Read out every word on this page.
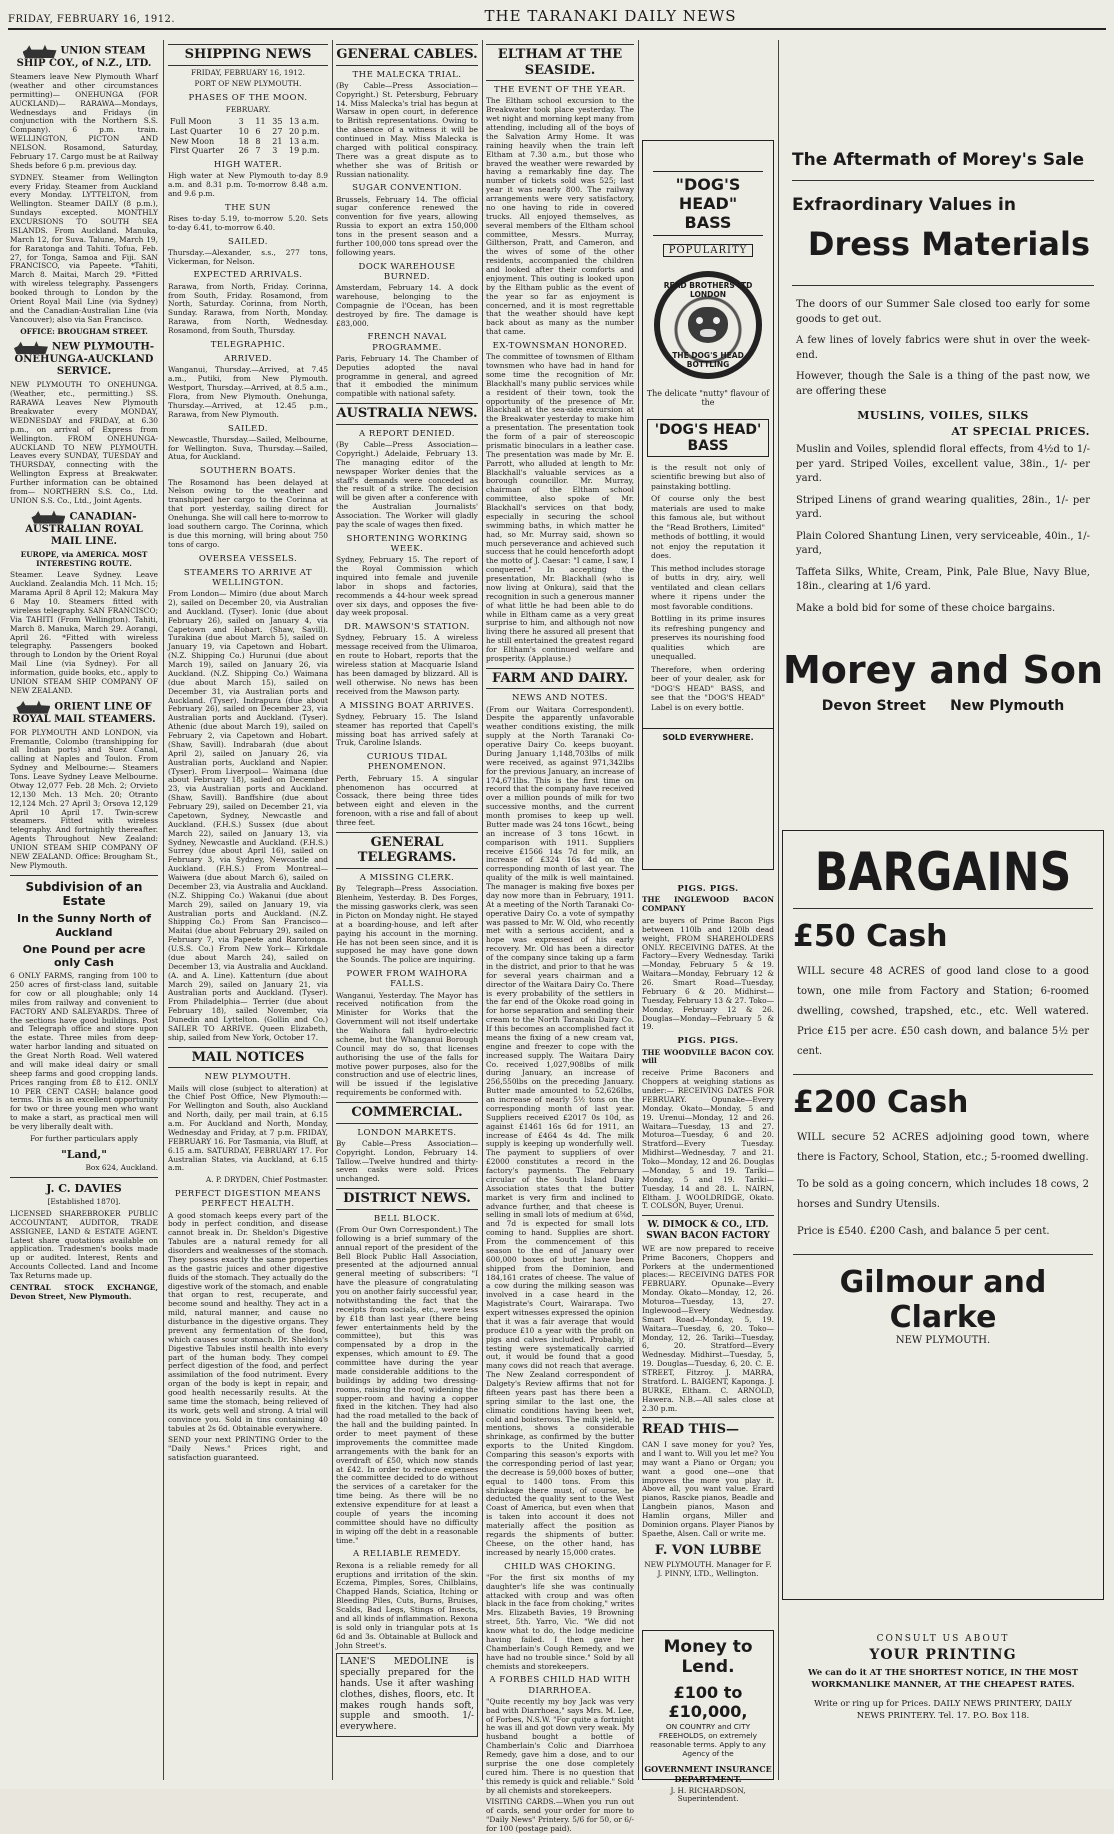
FRIDAY, FEBRUARY 16, 1912.	THE TARANAKI DAILY NEWS
UNION STEAM SHIP COY., of N.Z., LTD.

Steamers leave New Plymouth Wharf (weather and other circumstances permitting)— ONEHUNGA (FOR AUCKLAND)— RARAWA—Mondays, Wednesdays and Fridays (in conjunction with the Northern S.S. Company). 6 p.m. train. WELLINGTON, PICTON AND NELSON. Rosamond, Saturday, February 17. Cargo must be at Railway Sheds before 6 p.m. previous day.

SYDNEY. Steamer from Wellington every Friday. Steamer from Auckland every Monday. LYTTELTON, from Wellington. Steamer DAILY (8 p.m.), Sundays excepted. MONTHLY EXCURSIONS TO SOUTH SEA ISLANDS. From Auckland. Manuka, March 12, for Suva. Talune, March 19, for Raratonga and Tahiti. Tofua, Feb. 27, for Tonga, Samoa and Fiji. SAN FRANCISCO, via Papeete. *Tahiti, March 8. Maitai, March 29. *Fitted with wireless telegraphy. Passengers booked through to London by the Orient Royal Mail Line (via Sydney) and the Canadian-Australian Line (via Vancouver); also via San Francisco.

OFFICE: BROUGHAM STREET.

NEW PLYMOUTH-ONEHUNGA-AUCKLAND SERVICE.

NEW PLYMOUTH TO ONEHUNGA. (Weather, etc., permitting.) SS. RARAWA Leaves New Plymouth Breakwater every MONDAY, WEDNESDAY and FRIDAY, at 6.30 p.m., on arrival of Express from Wellington. FROM ONEHUNGA-AUCKLAND TO NEW PLYMOUTH. Leaves every SUNDAY, TUESDAY and THURSDAY, connecting with the Wellington Express at Breakwater. Further information can be obtained from— NORTHERN S.S. Co., Ltd. UNION S.S. Co., Ltd., Joint Agents.

CANADIAN-AUSTRALIAN ROYAL MAIL LINE.

EUROPE, via AMERICA. MOST INTERESTING ROUTE.

Steamer. Leave Sydney. Leave Auckland. Zealandia Mch. 11 Mch. 15; Marama April 8 April 12; Makura May 6 May 10. Steamers fitted with wireless telegraphy. SAN FRANCISCO; Via TAHITI (From Wellington). Tahiti, March 8. Manuka, March 29. Aorangi, April 26. *Fitted with wireless telegraphy. Passengers booked through to London by the Orient Royal Mail Line (via Sydney). For all information, guide books, etc., apply to UNION STEAM SHIP COMPANY OF NEW ZEALAND.

ORIENT LINE OF ROYAL MAIL STEAMERS.

FOR PLYMOUTH AND LONDON, via Fremantle, Colombo (transhipping for all Indian ports) and Suez Canal, calling at Naples and Toulon. From Sydney and Melbourne:— Steamers Tons. Leave Sydney Leave Melbourne. Otway 12,077 Feb. 28 Mch. 2; Orvieto 12,130 Mch. 13 Mch. 20; Otranto 12,124 Mch. 27 April 3; Orsova 12,129 April 10 April 17. Twin-screw steamers. Fitted with wireless telegraphy. And fortnightly thereafter. Agents Throughout New Zealand: UNION STEAM SHIP COMPANY OF NEW ZEALAND. Office: Brougham St., New Plymouth.

Subdivision of an Estate
In the Sunny North of Auckland
One Pound per acre only Cash

6 ONLY FARMS, ranging from 100 to 250 acres of first-class land, suitable for cow or all ploughable; only 14 miles from railway and convenient to FACTORY AND SALEYARDS. Three of the sections have good buildings. Post and Telegraph office and store upon the estate. Three miles from deep-water harbor landing and situated on the Great North Road. Well watered and will make ideal dairy or small sheep farms and good cropping lands. Prices ranging from £8 to £12. ONLY 10 PER CENT CASH; balance good terms. This is an excellent opportunity for two or three young men who want to make a start, as practical men will be very liberally dealt with.

For further particulars apply

"Land,"

Box 624, Auckland.

J. C. DAVIES

[Established 1870].

LICENSED SHAREBROKER PUBLIC ACCOUNTANT, AUDITOR, TRADE ASSIGNEE, LAND & ESTATE AGENT. Latest share quotations available on application. Tradesmen's books made up or audited. Interest, Rents and Accounts Collected. Land and Income Tax Returns made up.

CENTRAL STOCK EXCHANGE, Devon Street, New Plymouth.

SHIPPING NEWS

FRIDAY, FEBRUARY 16, 1912.

PORT OF NEW PLYMOUTH.

PHASES OF THE MOON.

FEBRUARY.

Full Moon	3	11	35	13 a.m.
Last Quarter	10	6	27	20 p.m.
New Moon	18	8	21	13 a.m.
First Quarter	26	7	3	19 p.m.
HIGH WATER.

High water at New Plymouth to-day 8.9 a.m. and 8.31 p.m. To-morrow 8.48 a.m. and 9.6 p.m.

THE SUN

Rises to-day 5.19, to-morrow 5.20. Sets to-day 6.41, to-morrow 6.40.

SAILED.

Thursday.—Alexander, s.s., 277 tons, Vickerman, for Nelson.

EXPECTED ARRIVALS.

Rarawa, from North, Friday. Corinna, from South, Friday. Rosamond, from North, Saturday. Corinna, from North, Sunday. Rarawa, from North, Monday. Rarawa, from North, Wednesday. Rosamond, from South, Thursday.

TELEGRAPHIC.
ARRIVED.

Wanganui, Thursday.—Arrived, at 7.45 a.m., Putiki, from New Plymouth. Westport, Thursday.—Arrived, at 8.5 a.m., Flora, from New Plymouth. Onehunga, Thursday.—Arrived, at 12.45 p.m., Rarawa, from New Plymouth.

SAILED.

Newcastle, Thursday.—Sailed, Melbourne, for Wellington. Suva, Thursday.—Sailed, Atua, for Auckland.

SOUTHERN BOATS.

The Rosamond has been delayed at Nelson owing to the weather and transhipped her cargo to the Corinna at that port yesterday, sailing direct for Onehunga. She will call here to-morrow to load southern cargo. The Corinna, which is due this morning, will bring about 750 tons of cargo.

OVERSEA VESSELS.
STEAMERS TO ARRIVE AT WELLINGTON.

From London— Mimiro (due about March 2), sailed on December 20, via Australian and Auckland. (Tyser). Ionic (due about February 26), sailed on January 4, via Capetown and Hobart. (Shaw, Savill). Turakina (due about March 5), sailed on January 19, via Capetown and Hobart. (N.Z. Shipping Co.) Hurunui (due about March 19), sailed on January 26, via Auckland. (N.Z. Shipping Co.) Waimana (due about March 15), sailed on December 31, via Australian ports and Auckland. (Tyser). Indrapura (due about February 26), sailed on December 23, via Australian ports and Auckland. (Tyser). Athenic (due about March 19), sailed on February 2, via Capetown and Hobart. (Shaw, Savill). Indrabarah (due about April 2), sailed on January 26, via Australian ports, Auckland and Napier. (Tyser). From Liverpool— Waimana (due about February 18), sailed on December 23, via Australian ports and Auckland. (Shaw, Savill). Banffshire (due about February 29), sailed on December 21, via Capetown, Sydney, Newcastle and Auckland. (F.H.S.) Sussex (due about March 22), sailed on January 13, via Sydney, Newcastle and Auckland. (F.H.S.) Surrey (due about April 16), sailed on February 3, via Sydney, Newcastle and Auckland. (F.H.S.) From Montreal— Waiwera (due about March 6), sailed on December 23, via Australia and Auckland. (N.Z. Shipping Co.) Wakanui (due about March 29), sailed on January 19, via Australian ports and Auckland. (N.Z. Shipping Co.) From San Francisco— Maitai (due about February 29), sailed on February 7, via Papeete and Rarotonga. (U.S.S. Co.) From New York— Kirkdale (due about March 24), sailed on December 13, via Australia and Auckland. (A. and A. Line). Kattenturn (due about March 29), sailed on January 21, via Australian ports and Auckland. (Tyser). From Philadelphia— Terrier (due about February 18), sailed November, via Dunedin and Lyttelton. (Gollin and Co.) SAILER TO ARRIVE. Queen Elizabeth, ship, sailed from New York, October 17.

MAIL NOTICES
NEW PLYMOUTH.

Mails will close (subject to alteration) at the Chief Post Office, New Plymouth:— For Wellington and South, also Auckland and North, daily, per mail train, at 6.15 a.m. For Auckland and North, Monday, Wednesday and Friday, at 7 p.m. FRIDAY, FEBRUARY 16. For Tasmania, via Bluff, at 6.15 a.m. SATURDAY, FEBRUARY 17. For Australian States, via Auckland, at 6.15 a.m.

A. P. DRYDEN, Chief Postmaster.

PERFECT DIGESTION MEANS PERFECT HEALTH.

A good stomach keeps every part of the body in perfect condition, and disease cannot break in. Dr. Sheldon's Digestive Tabules are a natural remedy for all disorders and weaknesses of the stomach. They possess exactly the same properties as the gastric juices and other digestive fluids of the stomach. They actually do the digestive work of the stomach, and enable that organ to rest, recuperate, and become sound and healthy. They act in a mild, natural manner, and cause no disturbance in the digestive organs. They prevent any fermentation of the food, which causes sour stomach. Dr. Sheldon's Digestive Tabules instil health into every part of the human body. They compel perfect digestion of the food, and perfect assimilation of the food nutriment. Every organ of the body is kept in repair, and good health necessarily results. At the same time the stomach, being relieved of its work, gets well and strong. A trial will convince you. Sold in tins containing 40 tabules at 2s 6d. Obtainable everywhere.

SEND your next PRINTING Order to the "Daily News." Prices right, and satisfaction guaranteed.

GENERAL CABLES.
THE MALECKA TRIAL.

(By Cable—Press Association—Copyright.) St. Petersburg, February 14. Miss Malecka's trial has begun at Warsaw in open court, in deference to British representations. Owing to the absence of a witness it will be continued in May. Miss Malecka is charged with political conspiracy. There was a great dispute as to whether she was of British or Russian nationality.

SUGAR CONVENTION.

Brussels, February 14. The official sugar conference renewed the convention for five years, allowing Russia to export an extra 150,000 tons in the present season and a further 100,000 tons spread over the following years.

DOCK WAREHOUSE BURNED.

Amsterdam, February 14. A dock warehouse, belonging to the Compagnie de l'Ocean, has been destroyed by fire. The damage is £83,000.

FRENCH NAVAL PROGRAMME.

Paris, February 14. The Chamber of Deputies adopted the naval programme in general, and agreed that it embodied the minimum compatible with national safety.

AUSTRALIA NEWS.
A REPORT DENIED.

(By Cable—Press Association—Copyright.) Adelaide, February 13. The managing editor of the newspaper Worker denies that the staff's demands were conceded as the result of a strike. The decision will be given after a conference with the Australian Journalists' Association. The Worker will gladly pay the scale of wages then fixed.

SHORTENING WORKING WEEK.

Sydney, February 15. The report of the Royal Commission which inquired into female and juvenile labor in shops and factories, recommends a 44-hour week spread over six days, and opposes the five-day week proposal.

DR. MAWSON'S STATION.

Sydney, February 15. A wireless message received from the Ulimaroa, en route to Hobart, reports that the wireless station at Macquarie Island has been damaged by blizzard. All is well otherwise. No news has been received from the Mawson party.

A MISSING BOAT ARRIVES.

Sydney, February 15. The Island steamer has reported that Capell's missing boat has arrived safely at Truk, Caroline Islands.

CURIOUS TIDAL PHENOMENON.

Perth, February 15. A singular phenomenon has occurred at Cossack, there being three tides between eight and eleven in the forenoon, with a rise and fall of about three feet.

GENERAL TELEGRAMS.
A MISSING CLERK.

By Telegraph—Press Association. Blenheim, Yesterday. B. Des Forges, the missing gasworks clerk, was seen in Picton on Monday night. He stayed at a boarding-house, and left after paying his account in the morning. He has not been seen since, and it is supposed he may have gone down the Sounds. The police are inquiring.

POWER FROM WAIHORA FALLS.

Wanganui, Yesterday. The Mayor has received notification from the Minister for Works that the Government will not itself undertake the Waihora fall hydro-electric scheme, but the Whanganui Borough Council may do so, that licenses authorising the use of the falls for motive power purposes, also for the construction and use of electric lines, will be issued if the legislative requirements be conformed with.

COMMERCIAL.
LONDON MARKETS.

By Cable—Press Association—Copyright. London, February 14. Tallow.—Twelve hundred and thirty-seven casks were sold. Prices unchanged.

DISTRICT NEWS.
BELL BLOCK.

(From Our Own Correspondent.) The following is a brief summary of the annual report of the president of the Bell Block Public Hall Association, presented at the adjourned annual general meeting of subscribers: "I have the pleasure of congratulating you on another fairly successful year, notwithstanding the fact that the receipts from socials, etc., were less by £18 than last year (there being fewer entertainments held by the committee), but this was compensated by a drop in the expenses, which amount to £9. The committee have during the year made considerable additions to the buildings by adding two dressing-rooms, raising the roof, widening the supper-room and having a copper fixed in the kitchen. They had also had the road metalled to the back of the hall and the building painted. In order to meet payment of these improvements the committee made arrangements with the bank for an overdraft of £50, which now stands at £42. In order to reduce expenses the committee decided to do without the services of a caretaker for the time being. As there will be no extensive expenditure for at least a couple of years the incoming committee should have no difficulty in wiping off the debt in a reasonable time."

A RELIABLE REMEDY.

Rexona is a reliable remedy for all eruptions and irritation of the skin. Eczema, Pimples, Sores, Chilblains, Chapped Hands, Sciatica, Itching or Bleeding Piles, Cuts, Burns, Bruises, Scalds, Bad Legs, Stings of Insects, and all kinds of inflammation. Rexona is sold only in triangular pots at 1s 6d and 3s. Obtainable at Bullock and John Street's.

LANE'S MEDOLINE is specially prepared for the hands. Use it after washing clothes, dishes, floors, etc. It makes rough hands soft, supple and smooth. 1/- everywhere.

ELTHAM AT THE SEASIDE.
THE EVENT OF THE YEAR.

The Eltham school excursion to the Breakwater took place yesterday. The wet night and morning kept many from attending, including all of the boys of the Salvation Army Home. It was raining heavily when the train left Eltham at 7.30 a.m., but those who braved the weather were rewarded by having a remarkably fine day. The number of tickets sold was 525; last year it was nearly 800. The railway arrangements were very satisfactory, no one having to ride in covered trucks. All enjoyed themselves, as several members of the Eltham school committee, Messrs. Murray, Giltherson, Pratt, and Cameron, and the wives of some of the other residents, accompanied the children and looked after their comforts and enjoyment. This outing is looked upon by the Eltham public as the event of the year so far as enjoyment is concerned, and it is most regrettable that the weather should have kept back about as many as the number that came.

EX-TOWNSMAN HONORED.

The committee of townsmen of Eltham townsmen who have had in hand for some time the recognition of Mr. Blackhall's many public services while a resident of their town, took the opportunity of the presence of Mr. Blackhall at the sea-side excursion at the Breakwater yesterday to make him a presentation. The presentation took the form of a pair of stereoscopic prismatic binoculars in a leather case. The presentation was made by Mr. E. Parrott, who alluded at length to Mr. Blackhall's valuable services as a borough councillor. Mr. Murray, chairman of the Eltham school committee, also spoke of Mr. Blackhall's services on that body, especially in securing the school swimming baths, in which matter he had, so Mr. Murray said, shown so much perseverance and achieved such success that he could henceforth adopt the motto of J. Caesar: "I came, I saw, I conquered." In accepting the presentation, Mr. Blackhall (who is now living at Onkura), said that the recognition in such a generous manner of what little he had been able to do while in Eltham came as a very great surprise to him, and although not now living there he assured all present that he still entertained the greatest regard for Eltham's continued welfare and prosperity. (Applause.)

FARM AND DAIRY.
NEWS AND NOTES.

(From our Waitara Correspondent). Despite the apparently unfavorable weather conditions existing, the milk supply at the North Taranaki Co-operative Dairy Co. keeps buoyant. During January 1,148,703lbs of milk were received, as against 971,342lbs for the previous January, an increase of 174,671lbs. This is the first time on record that the company have received over a million pounds of milk for two successive months, and the current month promises to keep up well. Butter made was 24 tons 16cwt., being an increase of 3 tons 16cwt. in comparison with 1911. Suppliers receive £1566 14s 7d for milk, an increase of £324 16s 4d on the corresponding month of last year. The quality of the milk is well maintained. The manager is making five boxes per day now more than in February, 1911. At a meeting of the North Taranaki Co-operative Dairy Co. a vote of sympathy was passed to Mr. W. Old, who recently met with a serious accident, and a hope was expressed of his early recovery. Mr. Old has been a director of the company since taking up a farm in the district, and prior to that he was for several years chairman and a director of the Waitara Dairy Co. There is every probability of the settlers in the far end of the Okoke road going in for horse separation and sending their cream to the North Taranaki Dairy Co. If this becomes an accomplished fact it means the fixing of a new cream vat, engine and freezer to cope with the increased supply. The Waitara Dairy Co. received 1,027,908lbs of milk during January, an increase of 256,550lbs on the preceding January. Butter made amounted to 52,626lbs, an increase of nearly 5½ tons on the corresponding month of last year. Suppliers received £2017 0s 10d, as against £1461 16s 6d for 1911, an increase of £464 4s 4d. The milk supply is keeping up wonderfully well. The payment to suppliers of over £2000 constitutes a record in the factory's payments. The February circular of the South Island Dairy Association states that the butter market is very firm and inclined to advance further, and that cheese is selling in small lots of medium at 6⅝d, and 7d is expected for small lots coming to hand. Supplies are short. From the commencement of this season to the end of January over 600,000 boxes of butter have been shipped from the Dominion, and 184,161 crates of cheese. The value of a cow during the milking season was involved in a case heard in the Magistrate's Court, Wairarapa. Two expert witnesses expressed the opinion that it was a fair average that would produce £10 a year with the profit on pigs and calves included. Probably, if testing were systematically carried out, it would be found that a good many cows did not reach that average. The New Zealand correspondent of Dalgety's Review affirms that not for fifteen years past has there been a spring similar to the last one, the climatic conditions having been wet, cold and boisterous. The milk yield, he mentions, shows a considerable shrinkage, as confirmed by the butter exports to the United Kingdom. Comparing this season's exports with the corresponding period of last year, the decrease is 59,000 boxes of butter, equal to 1400 tons. From this shrinkage there must, of course, be deducted the quality sent to the West Coast of America, but even when that is taken into account it does not materially affect the position as regards the shipments of butter. Cheese, on the other hand, has increased by nearly 15,000 crates.

CHILD WAS CHOKING.

"For the first six months of my daughter's life she was continually attacked with croup and was often black in the face from choking," writes Mrs. Elizabeth Bavies, 19 Browning street, 5th. Yarro, Vic. "We did not know what to do, the lodge medicine having failed. I then gave her Chamberlain's Cough Remedy, and we have had no trouble since." Sold by all chemists and storekeepers.

A FORBES CHILD HAD WITH DIARRHOEA.

"Quite recently my boy Jack was very bad with Diarrhoea," says Mrs. M. Lee, of Forbes, N.S.W. "For quite a fortnight he was ill and got down very weak. My husband bought a bottle of Chamberlain's Colic and Diarrhoea Remedy, gave him a dose, and to our surprise the one dose completely cured him. There is no question that this remedy is quick and reliable." Sold by all chemists and storekeepers.

VISITING CARDS.—When you run out of cards, send your order for more to "Daily News" Printery. 5/6 for 50, or 6/- for 100 (postage paid).

"DOG'S HEAD"
BASS
POPULARITY
READ BROTHERS LTD LONDON
THE DOG'S HEAD BOTTLING

The delicate "nutty" flavour of the

'DOG'S HEAD' BASS

is the result not only of scientific brewing but also of painstaking bottling.

Of course only the best materials are used to make this famous ale, but without the "Read Brothers, Limited" methods of bottling, it would not enjoy the reputation it does.

This method includes storage of butts in dry, airy, well ventilated and clean cellars where it ripens under the most favorable conditions.

Bottling in its prime insures its refreshing pungency and preserves its nourishing food qualities which are unequalled.

Therefore, when ordering beer of your dealer, ask for "DOG'S HEAD" BASS, and see that the "DOG'S HEAD" Label is on every bottle.

SOLD EVERYWHERE.
PIGS. PIGS.

THE INGLEWOOD BACON COMPANY

are buyers of Prime Bacon Pigs between 110lb and 120lb dead weight, FROM SHAREHOLDERS ONLY. RECEIVING DATES. At the Factory—Every Wednesday. Tariki—Monday, February 5 & 19. Waitara—Monday, February 12 & 26. Smart Road—Tuesday, February 6 & 20. Midhirst—Tuesday, February 13 & 27. Toko—Monday, February 12 & 26. Douglas—Monday—February 5 & 19.

PIGS. PIGS.

THE WOODVILLE BACON COY. will

receive Prime Baconers and Choppers at weighing stations as under:— RECEIVING DATES FOR FEBRUARY. Opunake—Every Monday. Okato—Monday, 5 and 19. Urenui—Monday, 12 and 26. Waitara—Tuesday, 13 and 27. Moturoa—Tuesday, 6 and 20. Stratford—Every Tuesday. Midhirst—Wednesday, 7 and 21. Toko—Monday, 12 and 26. Douglas—Monday, 5 and 19. Tariki—Monday, 5 and 19. Tariki—Tuesday, 14 and 28. L. NAIRN, Eltham. J. WOOLDRIDGE, Okato. T. COLSON, Buyer, Urenui.

W. DIMOCK & CO., LTD. SWAN BACON FACTORY

WE are now prepared to receive Prime Baconers, Choppers and Porkers at the undermentioned places:— RECEIVING DATES FOR FEBRUARY. Opunake—Every Monday. Okato—Monday, 12, 26. Moturoa—Tuesday, 13, 27. Inglewood—Every Wednesday. Smart Road—Monday, 5, 19. Waitara—Tuesday, 6, 20. Toko—Monday, 12, 26. Tariki—Tuesday, 6, 20. Stratford—Every Wednesday. Midhirst—Tuesday, 5, 19. Douglas—Tuesday, 6, 20. C. E. STREET, Fitzroy. J. MARRA, Stratford. L. BAIGENT, Kaponga. J. BURKE, Eltham. C. ARNOLD, Hawera. N.B.—All sales close at 2.30 p.m.

READ THIS—

CAN I save money for you? Yes, and I want to. Will you let me? You may want a Piano or Organ; you want a good one—one that improves the more you play it. Above all, you want value. Erard pianos, Rascke pianos, Beadle and Langbein pianos, Mason and Hamlin organs, Miller and Dominion organs. Player Pianos by Spaethe, Alsen. Call or write me.

F. VON LUBBE

NEW PLYMOUTH. Manager for F. J. PINNY, LTD., Wellington.

The Aftermath of Morey's Sale
Exfraordinary Values in
Dress Materials

The doors of our Summer Sale closed too early for some goods to get out.

A few lines of lovely fabrics were shut in over the week-end.

However, though the Sale is a thing of the past now, we are offering these

MUSLINS, VOILES, SILKS

AT SPECIAL PRICES.

Muslin and Voiles, splendid floral effects, from 4½d to 1/- per yard. Striped Voiles, excellent value, 38in., 1/- per yard.

Striped Linens of grand wearing qualities, 28in., 1/- per yard.

Plain Colored Shantung Linen, very serviceable, 40in., 1/- yard,

Taffeta Silks, White, Cream, Pink, Pale Blue, Navy Blue, 18in., clearing at 1/6 yard.

Make a bold bid for some of these choice bargains.

Morey and Son
Devon Street     New Plymouth
BARGAINS
£50 Cash

WILL secure 48 ACRES of good land close to a good town, one mile from Factory and Station; 6-roomed dwelling, cowshed, trapshed, etc., etc. Well watered. Price £15 per acre. £50 cash down, and balance 5½ per cent.

£200 Cash

WILL secure 52 ACRES adjoining good town, where there is Factory, School, Station, etc.; 5-roomed dwelling.

To be sold as a going concern, which includes 18 cows, 2 horses and Sundry Utensils.

Price is £540. £200 Cash, and balance 5 per cent.

Gilmour and Clarke

NEW PLYMOUTH.

Money to Lend.
£100 to £10,000,

ON COUNTRY and CITY FREEHOLDS, on extremely reasonable terms. Apply to any Agency of the

GOVERNMENT INSURANCE DEPARTMENT.

J. H. RICHARDSON, Superintendent.

CONSULT US ABOUT

YOUR PRINTING

We can do it AT THE SHORTEST NOTICE, IN THE MOST WORKMANLIKE MANNER, AT THE CHEAPEST RATES.

Write or ring up for Prices. DAILY NEWS PRINTERY, DAILY NEWS PRINTERY. Tel. 17. P.O. Box 118.
